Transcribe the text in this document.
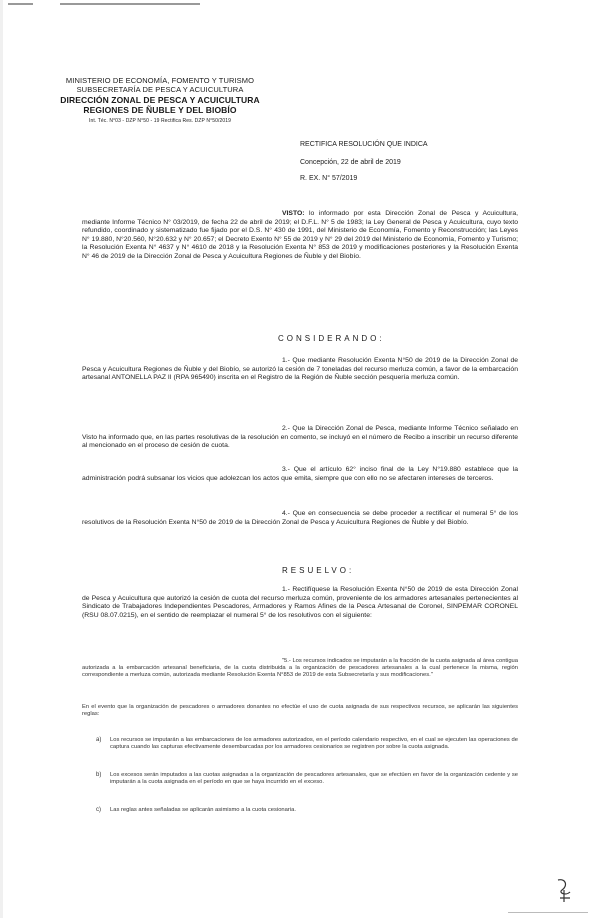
MINISTERIO DE ECONOMÍA, FOMENTO Y TURISMO
SUBSECRETARÍA DE PESCA Y ACUICULTURA
DIRECCIÓN ZONAL DE PESCA Y ACUICULTURA
REGIONES DE ÑUBLE Y DEL BIOBÍO
Int. Téc. N°03 - DZP N°50 - 19 Rectifica Res. DZP N°50/2019
RECTIFICA RESOLUCIÓN QUE INDICA
Concepción, 22 de abril de 2019
R. EX. N° 57/2019
VISTO: lo informado por esta Dirección Zonal de Pesca y Acuicultura, mediante Informe Técnico N° 03/2019, de fecha 22 de abril de 2019; el D.F.L. N° 5 de 1983; la Ley General de Pesca y Acuicultura, cuyo texto refundido, coordinado y sistematizado fue fijado por el D.S. N° 430 de 1991, del Ministerio de Economía, Fomento y Reconstrucción; las Leyes N° 19.880, N°20.560, N°20.632 y N° 20.657; el Decreto Exento N° 55 de 2019 y N° 29 del 2019 del Ministerio de Economía, Fomento y Turismo; la Resolución Exenta N° 4637 y N° 4610 de 2018 y la Resolución Exenta N° 853 de 2019 y modificaciones posteriores y la Resolución Exenta N° 46 de 2019 de la Dirección Zonal de Pesca y Acuicultura Regiones de Ñuble y del Biobío.
CONSIDERANDO:
1.- Que mediante Resolución Exenta N°50 de 2019 de la Dirección Zonal de Pesca y Acuicultura Regiones de Ñuble y del Biobío, se autorizó la cesión de 7 toneladas del recurso merluza común, a favor de la embarcación artesanal ANTONELLA PAZ II (RPA 965490) inscrita en el Registro de la Región de Ñuble sección pesquería merluza común.
2.- Que la Dirección Zonal de Pesca, mediante Informe Técnico señalado en Visto ha informado que, en las partes resolutivas de la resolución en comento, se incluyó en el número de Recibo a inscribir un recurso diferente al mencionado en el proceso de cesión de cuota.
3.- Que el artículo 62° inciso final de la Ley N°19.880 establece que la administración podrá subsanar los vicios que adolezcan los actos que emita, siempre que con ello no se afectaren intereses de terceros.
4.- Que en consecuencia se debe proceder a rectificar el numeral 5° de los resolutivos de la Resolución Exenta N°50 de 2019 de la Dirección Zonal de Pesca y Acuicultura Regiones de Ñuble y del Biobío.
RESUELVO:
1.- Rectifíquese la Resolución Exenta N°50 de 2019 de esta Dirección Zonal de Pesca y Acuicultura que autorizó la cesión de cuota del recurso merluza común, proveniente de los armadores artesanales pertenecientes al Sindicato de Trabajadores Independientes Pescadores, Armadores y Ramos Afines de la Pesca Artesanal de Coronel, SINPEMAR CORONEL (RSU 08.07.0215), en el sentido de reemplazar el numeral 5° de los resolutivos con el siguiente:
"5.- Los recursos indicados se imputarán a la fracción de la cuota asignada al área contigua autorizada a la embarcación artesanal beneficiaria, de la cuota distribuida a la organización de pescadores artesanales a la cual pertenece la misma, región correspondiente a merluza común, autorizada mediante Resolución Exenta N°853 de 2019 de esta Subsecretaría y sus modificaciones."
En el evento que la organización de pescadores o armadores donantes no efectúe el uso de cuota asignada de sus respectivos recursos, se aplicarán las siguientes reglas:
a) Los recursos se imputarán a las embarcaciones de los armadores autorizados, en el período calendario respectivo, en el cual se ejecuten las operaciones de captura cuando las capturas efectivamente desembarcadas por los armadores cesionarios se registren por sobre la cuota asignada.
b) Los excesos serán imputados a las cuotas asignadas a la organización de pescadores artesanales, que se efectúen en favor de la organización cedente y se imputarán a la cuota asignada en el período en que se haya incurrido en el exceso.
c) Las reglas antes señaladas se aplicarán asimismo a la cuota cesionaria.
